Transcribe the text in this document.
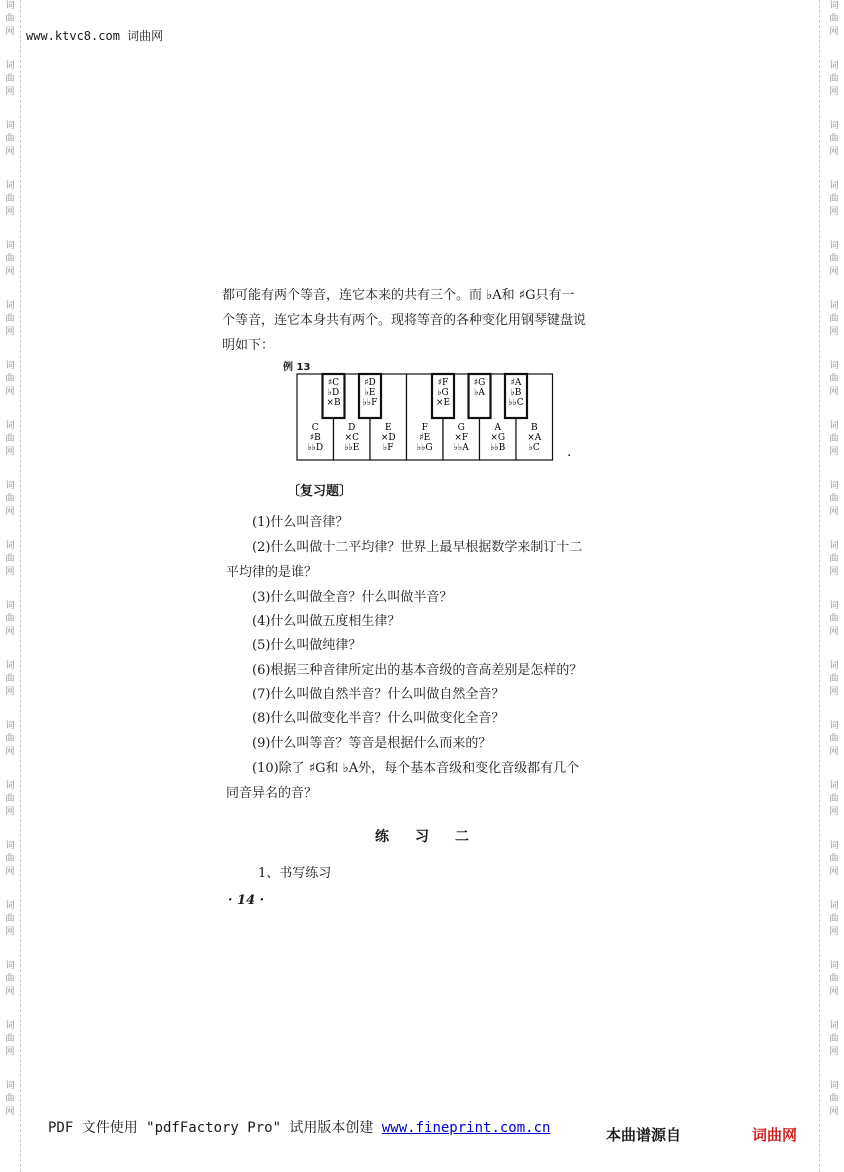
词
曲
网
词
曲
网
词
曲
网
词
曲
网
词
曲
网
词
曲
网
词
曲
网
词
曲
网
词
曲
网
词
曲
网
词
曲
网
词
曲
网
词
曲
网
词
曲
网
词
曲
网
词
曲
网
词
曲
网
词
曲
网
词
曲
网
词
曲
网
词
曲
网
词
曲
网
词
曲
网
词
曲
网
词
曲
网
词
曲
网
词
曲
网
词
曲
网
词
曲
网
词
曲
网
词
曲
网
词
曲
网
词
曲
网
词
曲
网
词
曲
网
词
曲
网
词
曲
网
词
曲
网
www.ktvc8.com 词曲网
都可能有两个等音，连它本来的共有三个。而 ♭A和 ♯G只有一
个等音，连它本身共有两个。现将等音的各种变化用钢琴键盘说
明如下：
例 13
C
♯B
♭♭D
D
×C
♭♭E
E
×D
♭F
F
♯E
♭♭G
G
×F
♭♭A
A
×G
♭♭B
B
×A
♭C
♯C
♭D
×B
♯D
♭E
♭♭F
♯F
♭G
×E
♯G
♭A
♯A
♭B
♭♭C
.
〔复习题〕
(1)什么叫音律？
(2)什么叫做十二平均律？世界上最早根据数学来制订十二
平均律的是谁？
(3)什么叫做全音？什么叫做半音？
(4)什么叫做五度相生律？
(5)什么叫做纯律？
(6)根据三种音律所定出的基本音级的音高差别是怎样的？
(7)什么叫做自然半音？什么叫做自然全音？
(8)什么叫做变化半音？什么叫做变化全音？
(9)什么叫等音？等音是根据什么而来的？
(10)除了 ♯G和 ♭A外，每个基本音级和变化音级都有几个
同音异名的音？
练习二
1、书写练习
· 14 ·
PDF 文件使用 "pdfFactory Pro" 试用版本创建 www.fineprint.com.cn	本曲谱源自	词曲网
